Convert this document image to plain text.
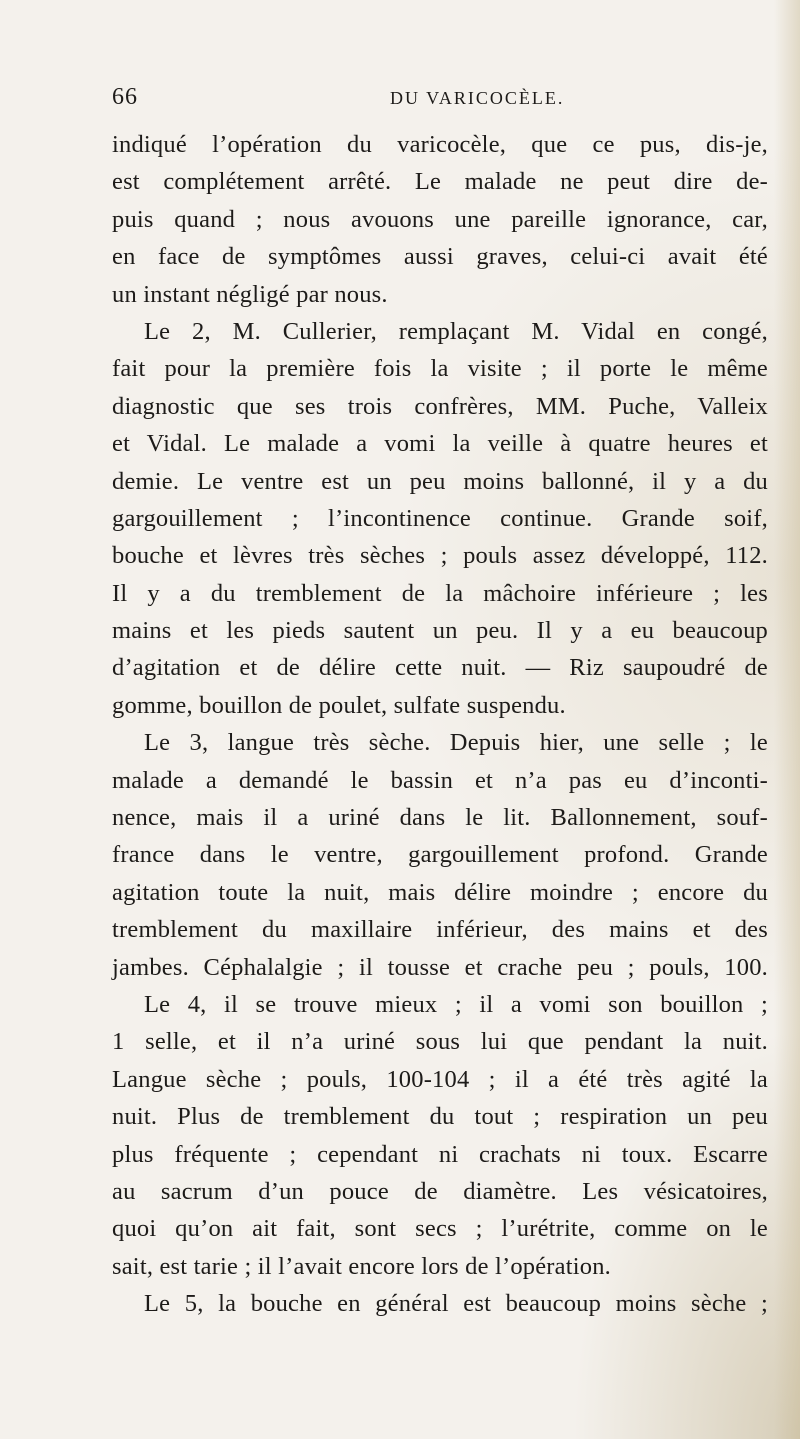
66	DU VARICOCÈLE.
indiqué l’opération du varicocèle, que ce pus, dis-je,
est complétement arrêté. Le malade ne peut dire de-
puis quand ; nous avouons une pareille ignorance, car,
en face de symptômes aussi graves, celui-ci avait été
un instant négligé par nous.
Le 2, M. Cullerier, remplaçant M. Vidal en congé,
fait pour la première fois la visite ; il porte le même
diagnostic que ses trois confrères, MM. Puche, Valleix
et Vidal. Le malade a vomi la veille à quatre heures et
demie. Le ventre est un peu moins ballonné, il y a du
gargouillement ; l’incontinence continue. Grande soif,
bouche et lèvres très sèches ; pouls assez développé, 112.
Il y a du tremblement de la mâchoire inférieure ; les
mains et les pieds sautent un peu. Il y a eu beaucoup
d’agitation et de délire cette nuit. — Riz saupoudré de
gomme, bouillon de poulet, sulfate suspendu.
Le 3, langue très sèche. Depuis hier, une selle ; le
malade a demandé le bassin et n’a pas eu d’inconti-
nence, mais il a uriné dans le lit. Ballonnement, souf-
france dans le ventre, gargouillement profond. Grande
agitation toute la nuit, mais délire moindre ; encore du
tremblement du maxillaire inférieur, des mains et des
jambes. Céphalalgie ; il tousse et crache peu ; pouls, 100.
Le 4, il se trouve mieux ; il a vomi son bouillon ;
1 selle, et il n’a uriné sous lui que pendant la nuit.
Langue sèche ; pouls, 100-104 ; il a été très agité la
nuit. Plus de tremblement du tout ; respiration un peu
plus fréquente ; cependant ni crachats ni toux. Escarre
au sacrum d’un pouce de diamètre. Les vésicatoires,
quoi qu’on ait fait, sont secs ; l’urétrite, comme on le
sait, est tarie ; il l’avait encore lors de l’opération.
Le 5, la bouche en général est beaucoup moins sèche ;
